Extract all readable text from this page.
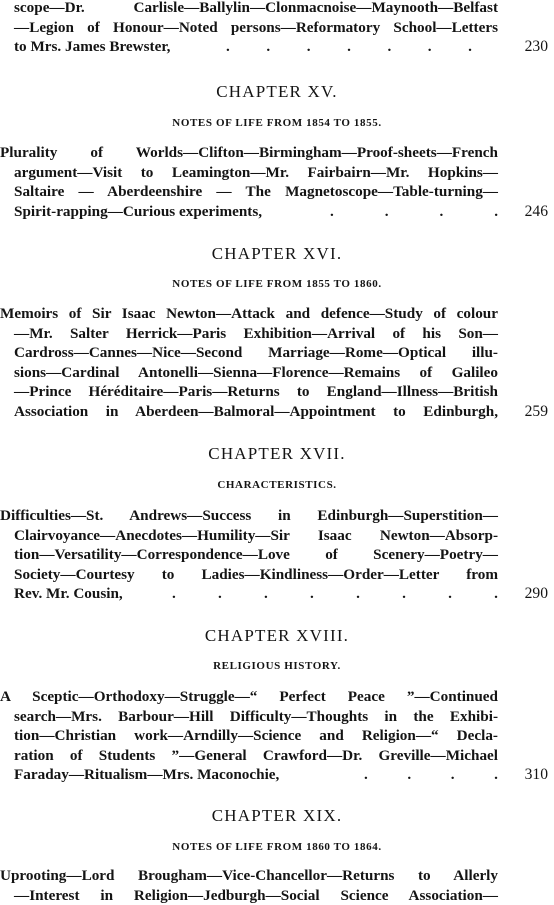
scope—Dr. Carlisle—Ballylin—Clonmacnoise—Maynooth—Belfast
—Legion of Honour—Noted persons—Reformatory School—Letters
to Mrs. James Brewster,	. . . . . . .	230
CHAPTER XV.
NOTES OF LIFE FROM 1854 TO 1855.
Plurality of Worlds—Clifton—Birmingham—Proof-sheets—French
argument—Visit to Leamington—Mr. Fairbairn—Mr. Hopkins—
Saltaire — Aberdeenshire — The Magnetoscope—Table-turning—
Spirit-rapping—Curious experiments,	.	.	.	. 246
CHAPTER XVI.
NOTES OF LIFE FROM 1855 TO 1860.
Memoirs of Sir Isaac Newton—Attack and defence—Study of colour
—Mr. Salter Herrick—Paris Exhibition—Arrival of his Son—
Cardross—Cannes—Nice—Second Marriage—Rome—Optical illu-
sions—Cardinal Antonelli—Sienna—Florence—Remains of Galileo
—Prince Héréditaire—Paris—Returns to England—Illness—British
Association in Aberdeen—Balmoral—Appointment to Edinburgh, 259
CHAPTER XVII.
CHARACTERISTICS.
Difficulties—St. Andrews—Success in Edinburgh—Superstition—
Clairvoyance—Anecdotes—Humility—Sir Isaac Newton—Absorp-
tion—Versatility—Correspondence—Love of Scenery—Poetry—
Society—Courtesy to Ladies—Kindliness—Order—Letter from
Rev. Mr. Cousin,	.	.	.	.	.	.	.	. 290
CHAPTER XVIII.
RELIGIOUS HISTORY.
A Sceptic—Orthodoxy—Struggle—“ Perfect Peace ”—Continued
search—Mrs. Barbour—Hill Difficulty—Thoughts in the Exhibi-
tion—Christian work—Arndilly—Science and Religion—“ Decla-
ration of Students ”—General Crawford—Dr. Greville—Michael
Faraday—Ritualism—Mrs. Maconochie,	.	.	.	. 310
CHAPTER XIX.
NOTES OF LIFE FROM 1860 TO 1864.
Uprooting—Lord Brougham—Vice-Chancellor—Returns to Allerly
—Interest in Religion—Jedburgh—Social Science Association—
